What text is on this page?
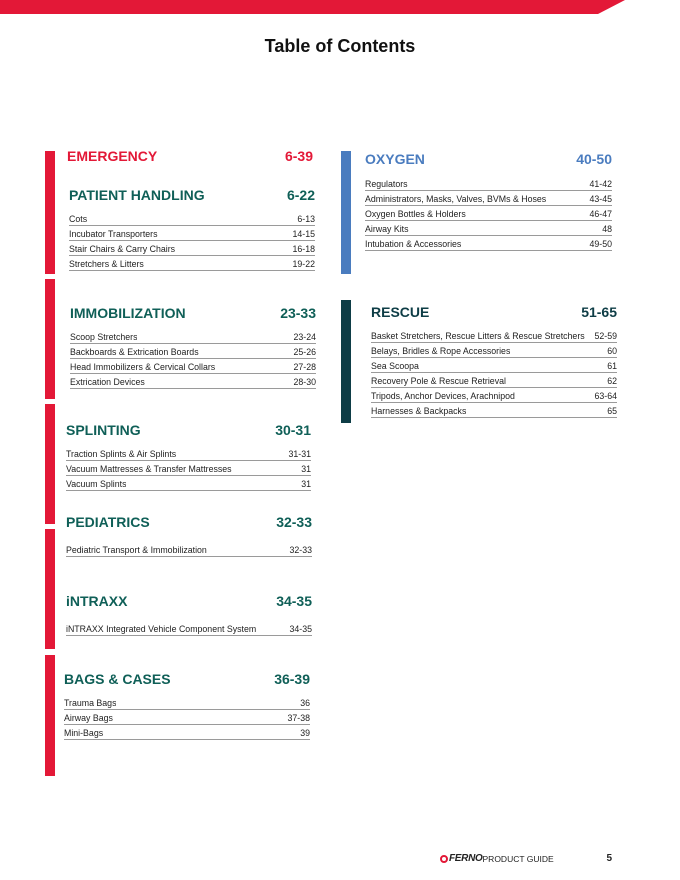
Table of Contents
EMERGENCY	6-39
PATIENT HANDLING	6-22
Cots	6-13
Incubator Transporters	14-15
Stair Chairs & Carry Chairs	16-18
Stretchers & Litters	19-22
IMMOBILIZATION	23-33
Scoop Stretchers	23-24
Backboards & Extrication Boards	25-26
Head Immobilizers & Cervical Collars	27-28
Extrication Devices	28-30
SPLINTING	30-31
Traction Splints & Air Splints	31-31
Vacuum Mattresses & Transfer Mattresses	31
Vacuum Splints	31
PEDIATRICS	32-33
Pediatric Transport & Immobilization	32-33
iNTRAXX	34-35
iNTRAXX Integrated Vehicle Component System	34-35
BAGS & CASES	36-39
Trauma Bags	36
Airway Bags	37-38
Mini-Bags	39
OXYGEN	40-50
Regulators	41-42
Administrators, Masks, Valves, BVMs & Hoses	43-45
Oxygen Bottles & Holders	46-47
Airway Kits	48
Intubation & Accessories	49-50
RESCUE	51-65
Basket Stretchers, Rescue Litters & Rescue Stretchers	52-59
Belays, Bridles & Rope Accessories	60
Sea Scoopa	61
Recovery Pole & Rescue Retrieval	62
Tripods, Anchor Devices, Arachnipod	63-64
Harnesses & Backpacks	65
FERNO PRODUCT GUIDE	5
